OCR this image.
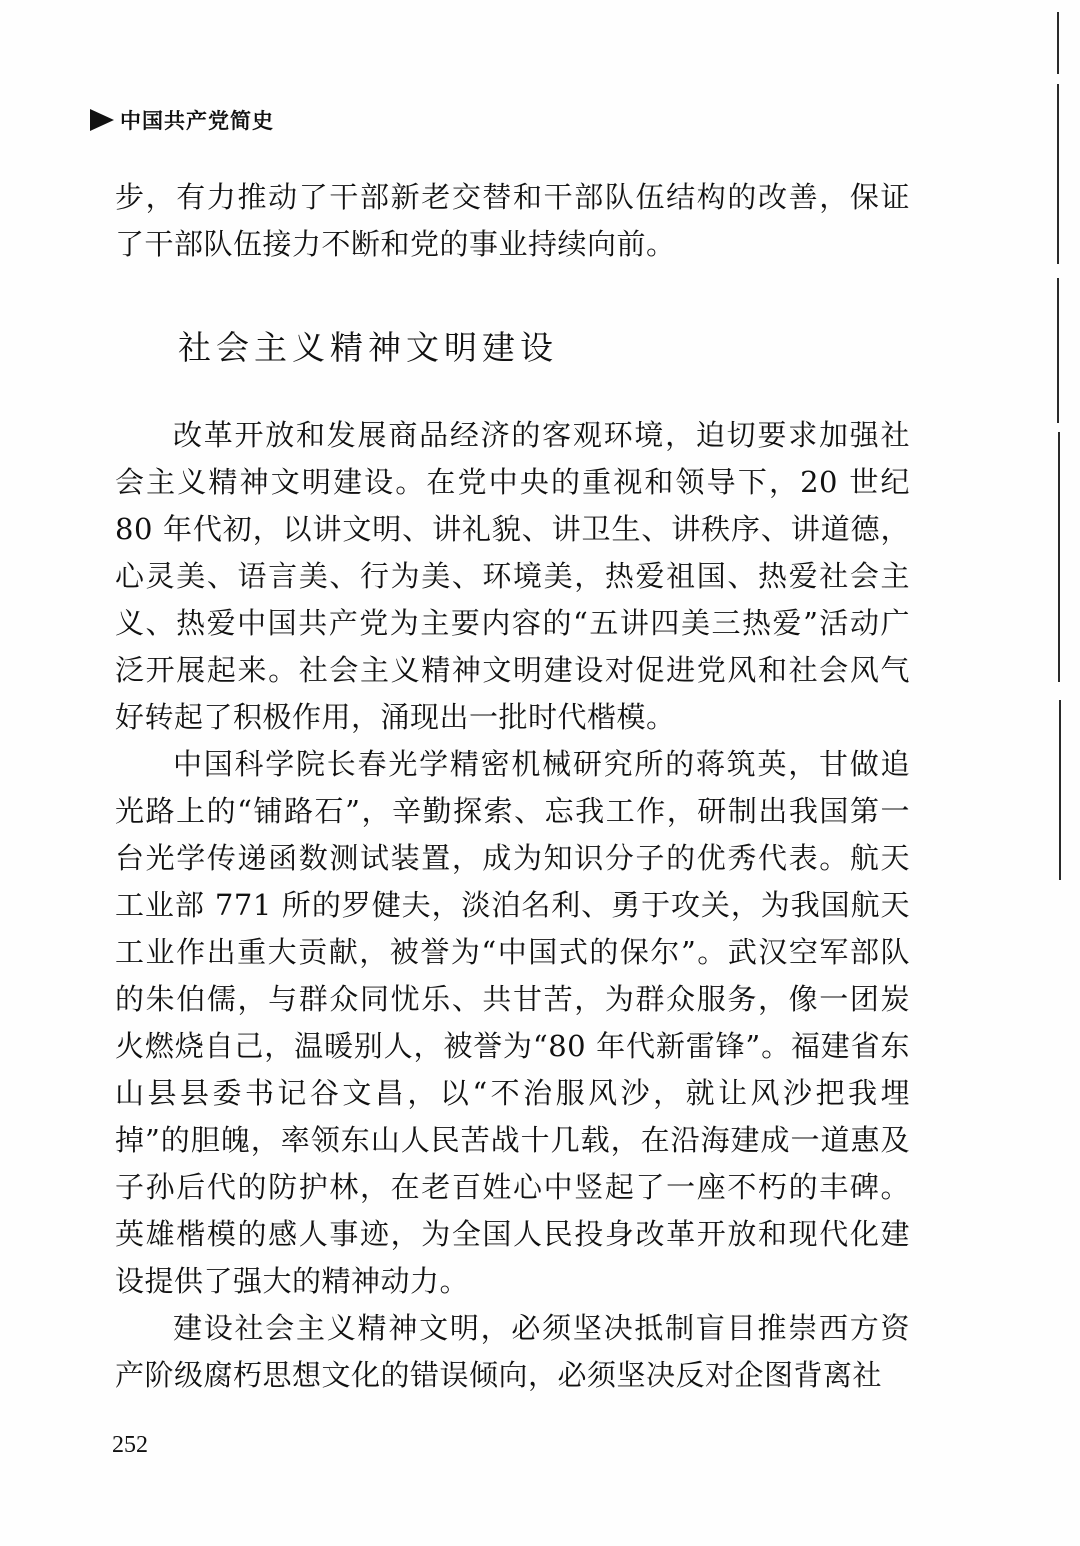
中国共产党简史

步，有力推动了干部新老交替和干部队伍结构的改善，保证了干部队伍接力不断和党的事业持续向前。

社会主义精神文明建设

改革开放和发展商品经济的客观环境，迫切要求加强社会主义精神文明建设。在党中央的重视和领导下，20 世纪 80 年代初，以讲文明、讲礼貌、讲卫生、讲秩序、讲道德，心灵美、语言美、行为美、环境美，热爱祖国、热爱社会主义、热爱中国共产党为主要内容的“五讲四美三热爱”活动广泛开展起来。社会主义精神文明建设对促进党风和社会风气好转起了积极作用，涌现出一批时代楷模。

中国科学院长春光学精密机械研究所的蒋筑英，甘做追光路上的“铺路石”，辛勤探索、忘我工作，研制出我国第一台光学传递函数测试装置，成为知识分子的优秀代表。航天工业部 771 所的罗健夫，淡泊名利、勇于攻关，为我国航天工业作出重大贡献，被誉为“中国式的保尔”。武汉空军部队的朱伯儒，与群众同忧乐、共甘苦，为群众服务，像一团炭火燃烧自己，温暖别人，被誉为“80 年代新雷锋”。福建省东山县县委书记谷文昌，以“不治服风沙，就让风沙把我埋掉”的胆魄，率领东山人民苦战十几载，在沿海建成一道惠及子孙后代的防护林，在老百姓心中竖起了一座不朽的丰碑。英雄楷模的感人事迹，为全国人民投身改革开放和现代化建设提供了强大的精神动力。

建设社会主义精神文明，必须坚决抵制盲目推崇西方资产阶级腐朽思想文化的错误倾向，必须坚决反对企图背离社

252
